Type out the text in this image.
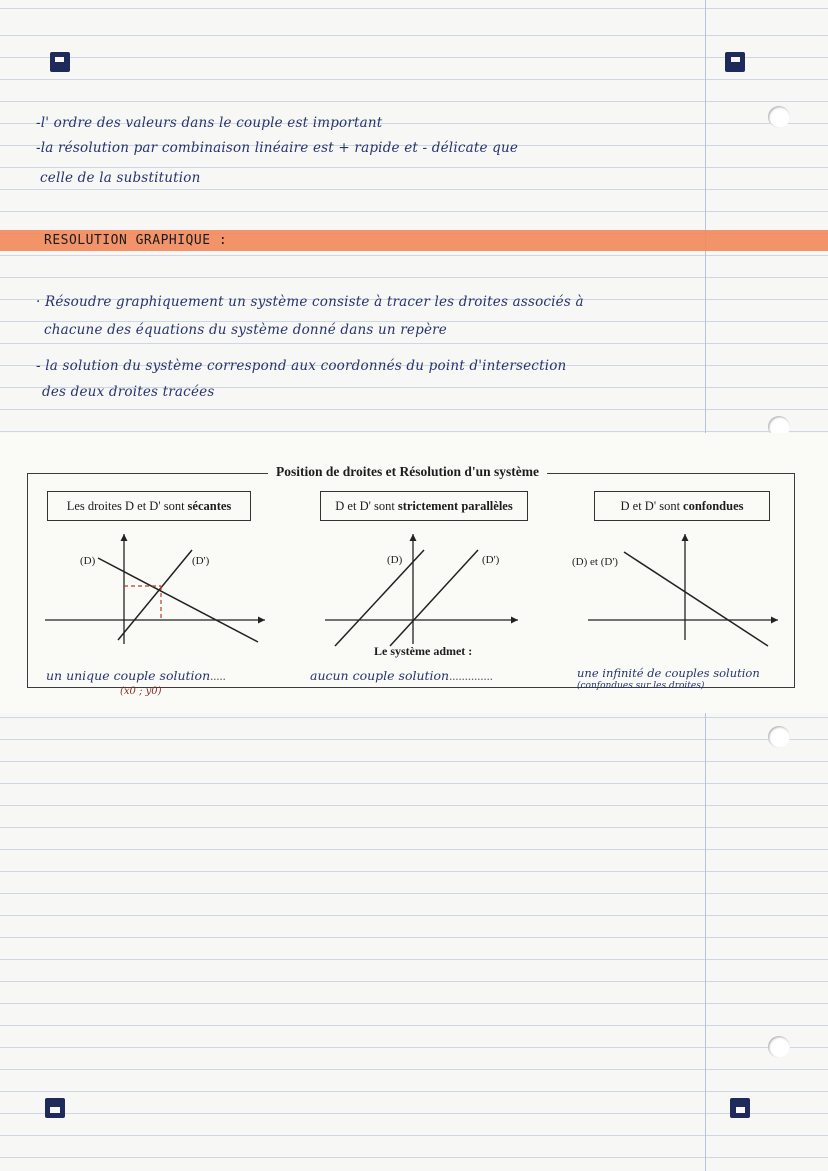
-l' ordre des valeurs dans le couple est important
-la résolution par combinaison linéaire est + rapide et - délicate que
celle de la substitution
RESOLUTION GRAPHIQUE :
· Résoudre graphiquement un système consiste à tracer les droites associés à
chacune des équations du système donné dans un repère
- la solution du système correspond aux coordonnés du point d'intersection
des deux droites tracées
Position de droites et Résolution d'un système
Les droites D et D' sont sécantes	D et D' sont strictement parallèles	D et D' sont confondues
(D)	(D')	(D)	(D')	(D) et (D')
Le système admet :
un unique couple solution.....
(x0 ; y0)
aucun couple solution..............	une infinité de couples solution
(confondues sur les droites)
